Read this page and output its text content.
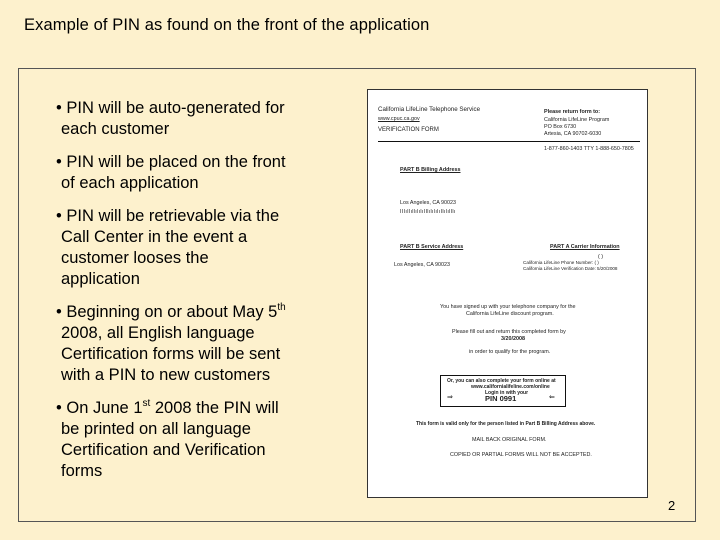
Example of PIN as found on the front of the application
• PIN will be auto-generated for
each customer
• PIN will be placed on the front
of each application
• PIN will be retrievable via the
Call Center in the event a
customer looses the
application
• Beginning on or about May 5th
2008, all English language
Certification forms will be sent
with a PIN to new customers
• On June 1st 2008 the PIN will
be printed on all language
Certification and Verification
forms
California LifeLine Telephone Service
www.cpuc.ca.gov
VERIFICATION FORM
Please return form to:
California LifeLine Program
PO Box 6730
Artesia, CA 90702-6030
1-877-860-1403 TTY 1-888-650-7805
PART B Billing Address
Los Angeles, CA 90023
IIIılIıllılılıIIlılılılıIIılılIlı
PART B Service Address
Los Angeles, CA 90023
PART A Carrier Information
( )
California LifeLine Phone Number: ( )
California LifeLine Verification Date: 5/20/2008
You have signed up with your telephone company for the
California LifeLine discount program.
Please fill out and return this completed form by
3/20/2008
in order to qualify for the program.
Or, you can also complete your form online at
www.californialifeline.com/online
Login in with your
⇒	PIN 0991	⇐
This form is valid only for the person listed in Part B Billing Address above.
MAIL BACK ORIGINAL FORM.
COPIED OR PARTIAL FORMS WILL NOT BE ACCEPTED.
2
